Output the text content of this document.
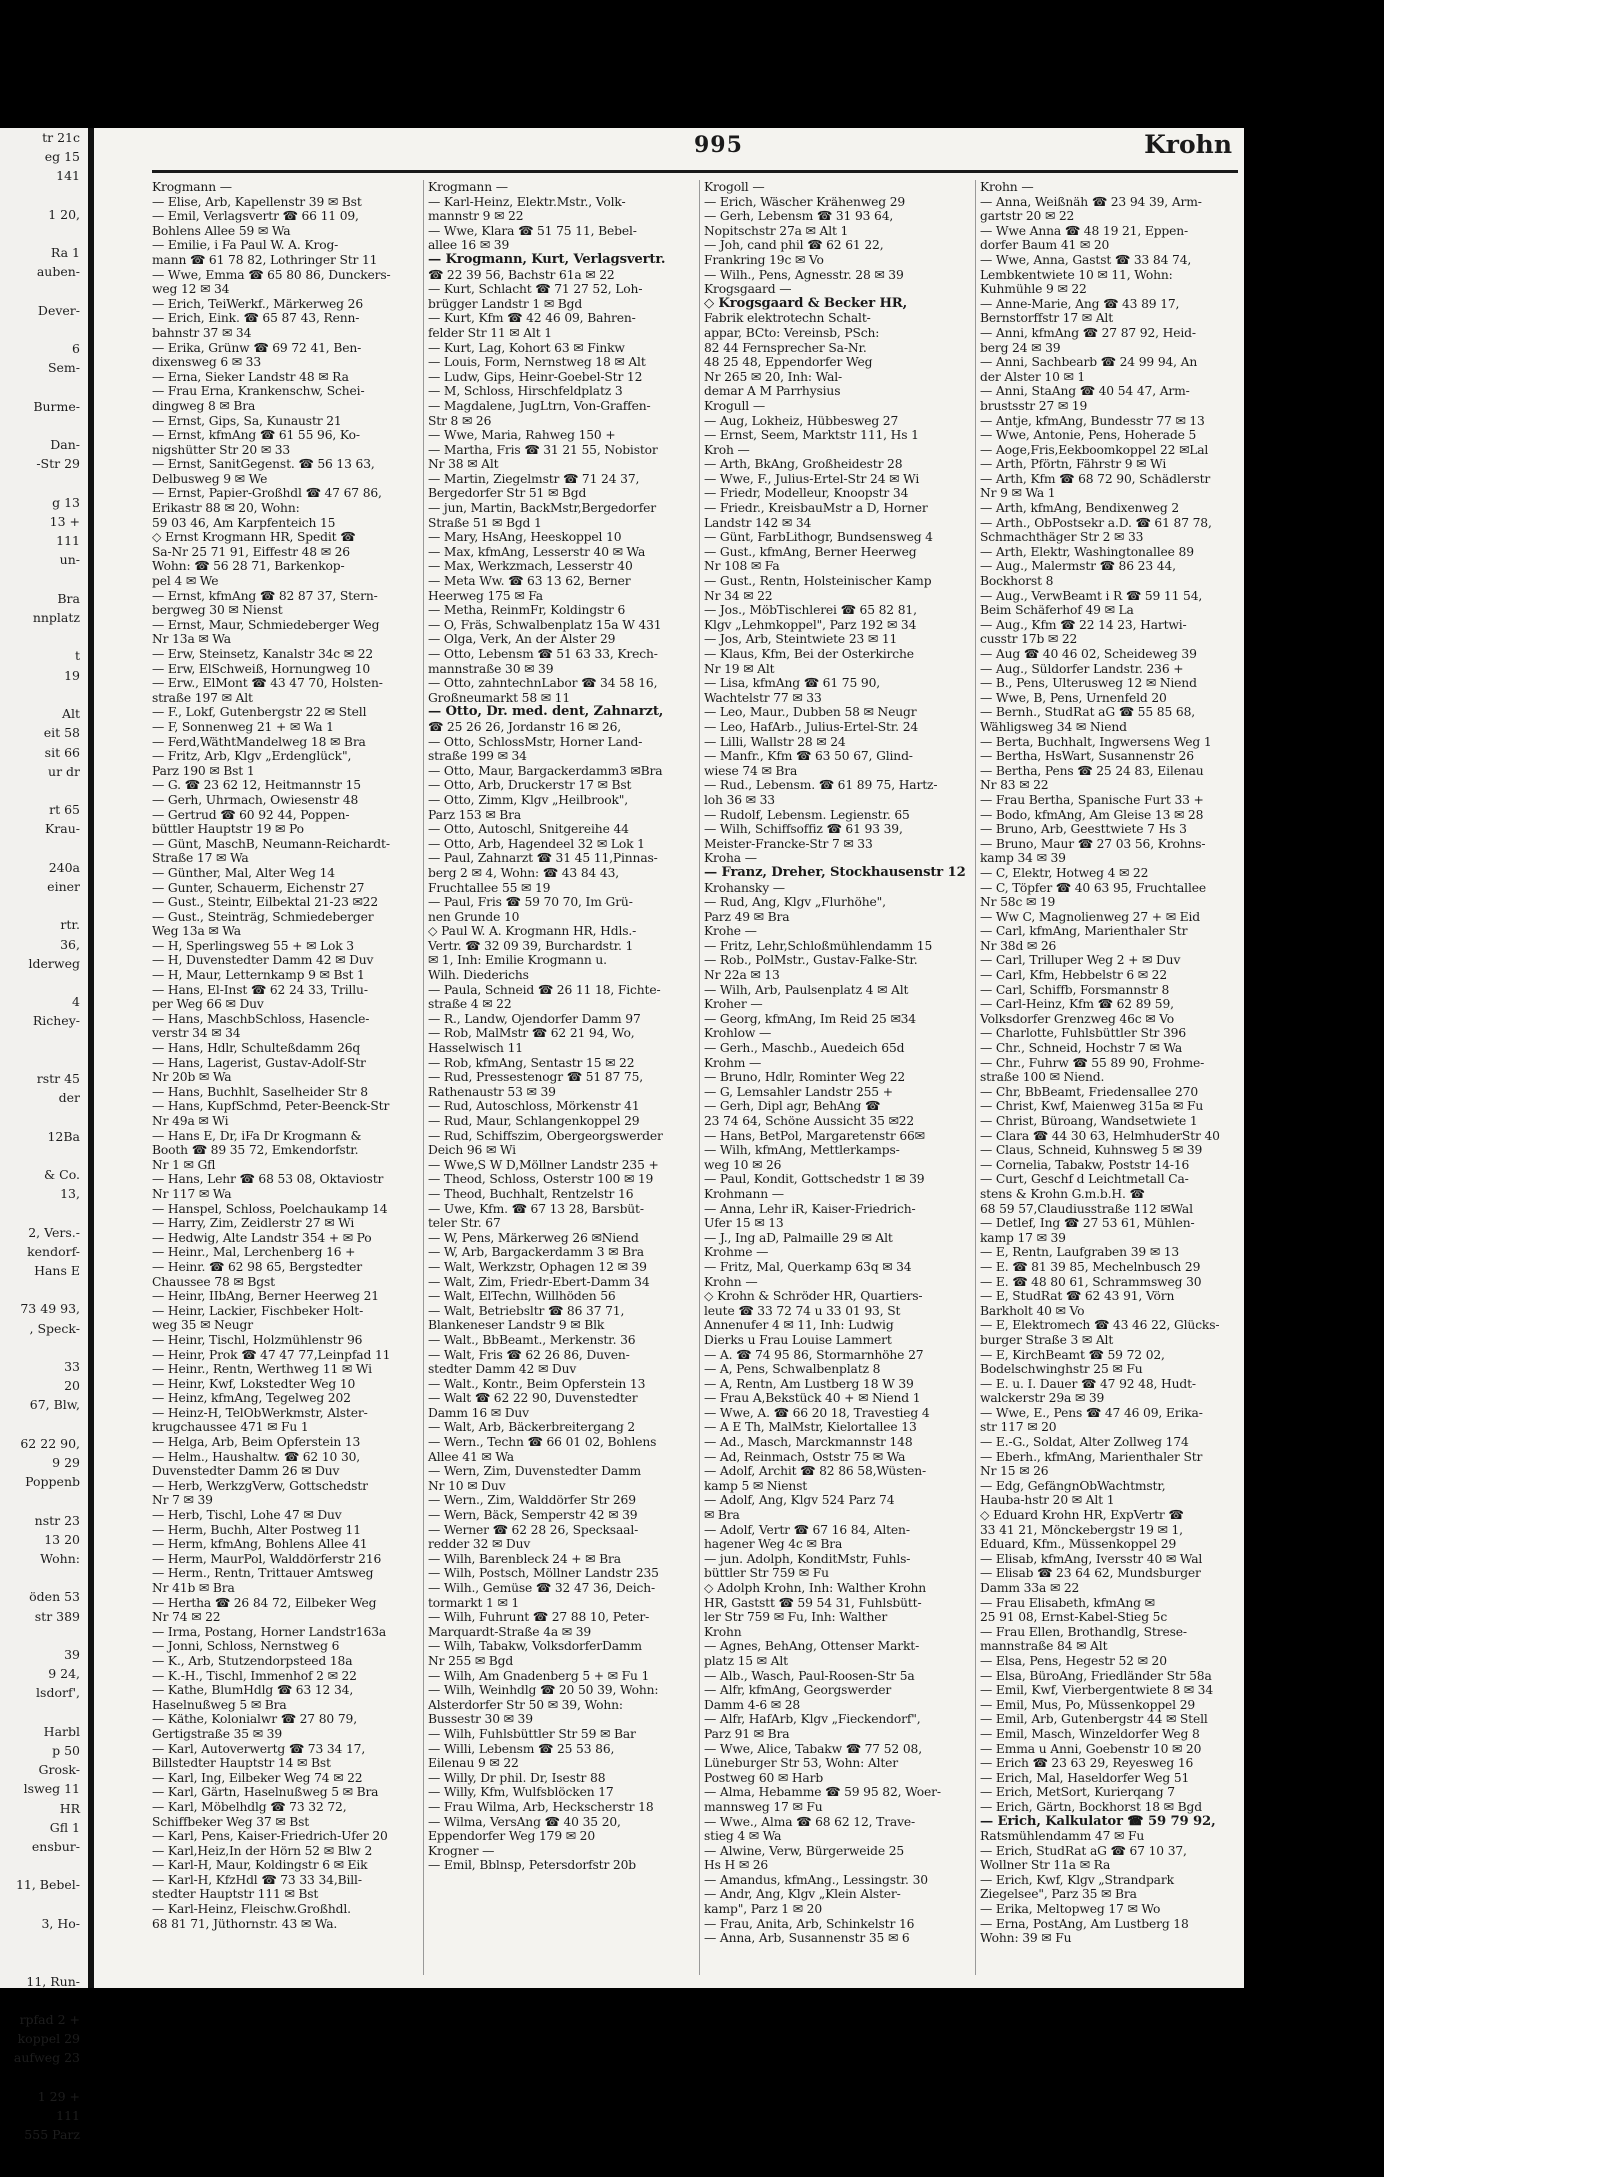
tr 21c
eg 15
141

1 20,

Ra 1
auben-

Dever-

6
Sem-

Burme-

Dan-
-Str 29

g 13
13 +
111
un-

Bra
nnplatz

t
19

Alt
eit 58
sit 66
ur dr

rt 65
Krau-

240a
einer

rtr.
36,
lderweg

4
Richey-

rstr 45
der

12Ba

& Co.
13,

2, Vers.-
kendorf-
Hans E

73 49 93,
, Speck-

33
20
67, Blw,

62 22 90,
9 29
Poppenb

nstr 23
13 20
Wohn:

öden 53
str 389

39
9 24,
lsdorf',

Harbl
p 50
Grosk-
lsweg 11
HR
Gfl 1
ensbur-

11, Bebel-

3, Ho-

11, Run-

rpfad 2 +
koppel 29
aufweg 23

1 29 +
111
555 Parz
995	Krohn
Krogmann —
— Elise, Arb, Kapellenstr 39 ✉ Bst
— Emil, Verlagsvertr ☎ 66 11 09,
Bohlens Allee 59 ✉ Wa
— Emilie, i Fa Paul W. A. Krog-
mann ☎ 61 78 82, Lothringer Str 11
— Wwe, Emma ☎ 65 80 86, Dunckers-
weg 12 ✉ 34
— Erich, TeiWerkf., Märkerweg 26
— Erich, Eink. ☎ 65 87 43, Renn-
bahnstr 37 ✉ 34
— Erika, Grünw ☎ 69 72 41, Ben-
dixensweg 6 ✉ 33
— Erna, Sieker Landstr 48 ✉ Ra
— Frau Erna, Krankenschw, Schei-
dingweg 8 ✉ Bra
— Ernst, Gips, Sa, Kunaustr 21
— Ernst, kfmAng ☎ 61 55 96, Ko-
nigshütter Str 20 ✉ 33
— Ernst, SanitGegenst. ☎ 56 13 63,
Delbusweg 9 ✉ We
— Ernst, Papier-Großhdl ☎ 47 67 86,
Erikastr 88 ✉ 20, Wohn:
59 03 46, Am Karpfenteich 15
◇ Ernst Krogmann HR, Spedit ☎
Sa-Nr 25 71 91, Eiffestr 48 ✉ 26
Wohn: ☎ 56 28 71, Barkenkop-
pel 4 ✉ We
— Ernst, kfmAng ☎ 82 87 37, Stern-
bergweg 30 ✉ Nienst
— Ernst, Maur, Schmiedeberger Weg
Nr 13a ✉ Wa
— Erw, Steinsetz, Kanalstr 34c ✉ 22
— Erw, ElSchweiß, Hornungweg 10
— Erw., ElMont ☎ 43 47 70, Holsten-
straße 197 ✉ Alt
— F., Lokf, Gutenbergstr 22 ✉ Stell
— F, Sonnenweg 21 + ✉ Wa 1
— Ferd,WäthtMandelweg 18 ✉ Bra
— Fritz, Arb, Klgv „Erdenglück",
Parz 190 ✉ Bst 1
— G. ☎ 23 62 12, Heitmannstr 15
— Gerh, Uhrmach, Owiesenstr 48
— Gertrud ☎ 60 92 44, Poppen-
büttler Hauptstr 19 ✉ Po
— Günt, MaschB, Neumann-Reichardt-
Straße 17 ✉ Wa
— Günther, Mal, Alter Weg 14
— Gunter, Schauerm, Eichenstr 27
— Gust., Steintr, Eilbektal 21-23 ✉22
— Gust., Steinträg, Schmiedeberger
Weg 13a ✉ Wa
— H, Sperlingsweg 55 + ✉ Lok 3
— H, Duvenstedter Damm 42 ✉ Duv
— H, Maur, Letternkamp 9 ✉ Bst 1
— Hans, El-Inst ☎ 62 24 33, Trillu-
per Weg 66 ✉ Duv
— Hans, MaschbSchloss, Hasencle-
verstr 34 ✉ 34
— Hans, Hdlr, Schulteßdamm 26q
— Hans, Lagerist, Gustav-Adolf-Str
Nr 20b ✉ Wa
— Hans, Buchhlt, Saselheider Str 8
— Hans, KupfSchmd, Peter-Beenck-Str
Nr 49a ✉ Wi
— Hans E, Dr, iFa Dr Krogmann &
Booth ☎ 89 35 72, Emkendorfstr.
Nr 1 ✉ Gfl
— Hans, Lehr ☎ 68 53 08, Oktaviostr
Nr 117 ✉ Wa
— Hanspel, Schloss, Poelchaukamp 14
— Harry, Zim, Zeidlerstr 27 ✉ Wi
— Hedwig, Alte Landstr 354 + ✉ Po
— Heinr., Mal, Lerchenberg 16 +
— Heinr. ☎ 62 98 65, Bergstedter
Chaussee 78 ✉ Bgst
— Heinr, IIbAng, Berner Heerweg 21
— Heinr, Lackier, Fischbeker Holt-
weg 35 ✉ Neugr
— Heinr, Tischl, Holzmühlenstr 96
— Heinr, Prok ☎ 47 47 77,Leinpfad 11
— Heinr., Rentn, Werthweg 11 ✉ Wi
— Heinr, Kwf, Lokstedter Weg 10
— Heinz, kfmAng, Tegelweg 202
— Heinz-H, TelObWerkmstr, Alster-
krugchaussee 471 ✉ Fu 1
— Helga, Arb, Beim Opferstein 13
— Helm., Haushaltw. ☎ 62 10 30,
Duvenstedter Damm 26 ✉ Duv
— Herb, WerkzgVerw, Gottschedstr
Nr 7 ✉ 39
— Herb, Tischl, Lohe 47 ✉ Duv
— Herm, Buchh, Alter Postweg 11
— Herm, kfmAng, Bohlens Allee 41
— Herm, MaurPol, Walddörferstr 216
— Herm., Rentn, Trittauer Amtsweg
Nr 41b ✉ Bra
— Hertha ☎ 26 84 72, Eilbeker Weg
Nr 74 ✉ 22
— Irma, Postang, Horner Landstr163a
— Jonni, Schloss, Nernstweg 6
— K., Arb, Stutzendorpsteed 18a
— K.-H., Tischl, Immenhof 2 ✉ 22
— Kathe, BlumHdlg ☎ 63 12 34,
Haselnußweg 5 ✉ Bra
— Käthe, Kolonialwr ☎ 27 80 79,
Gertigstraße 35 ✉ 39
— Karl, Autoverwertg ☎ 73 34 17,
Billstedter Hauptstr 14 ✉ Bst
— Karl, Ing, Eilbeker Weg 74 ✉ 22
— Karl, Gärtn, Haselnußweg 5 ✉ Bra
— Karl, Möbelhdlg ☎ 73 32 72,
Schiffbeker Weg 37 ✉ Bst
— Karl, Pens, Kaiser-Friedrich-Ufer 20
— Karl,Heiz,In der Hörn 52 ✉ Blw 2
— Karl-H, Maur, Koldingstr 6 ✉ Eik
— Karl-H, KfzHdl ☎ 73 33 34,Bill-
stedter Hauptstr 111 ✉ Bst
— Karl-Heinz, Fleischw.Großhdl.
68 81 71, Jüthornstr. 43 ✉ Wa.
Krogmann —
— Karl-Heinz, Elektr.Mstr., Volk-
mannstr 9 ✉ 22
— Wwe, Klara ☎ 51 75 11, Bebel-
allee 16 ✉ 39
— Krogmann, Kurt, Verlagsvertr.
☎ 22 39 56, Bachstr 61a ✉ 22
— Kurt, Schlacht ☎ 71 27 52, Loh-
brügger Landstr 1 ✉ Bgd
— Kurt, Kfm ☎ 42 46 09, Bahren-
felder Str 11 ✉ Alt 1
— Kurt, Lag, Kohort 63 ✉ Finkw
— Louis, Form, Nernstweg 18 ✉ Alt
— Ludw, Gips, Heinr-Goebel-Str 12
— M, Schloss, Hirschfeldplatz 3
— Magdalene, JugLtrn, Von-Graffen-
Str 8 ✉ 26
— Wwe, Maria, Rahweg 150 +
— Martha, Fris ☎ 31 21 55, Nobistor
Nr 38 ✉ Alt
— Martin, Ziegelmstr ☎ 71 24 37,
Bergedorfer Str 51 ✉ Bgd
— jun, Martin, BackMstr,Bergedorfer
Straße 51 ✉ Bgd 1
— Mary, HsAng, Heeskoppel 10
— Max, kfmAng, Lesserstr 40 ✉ Wa
— Max, Werkzmach, Lesserstr 40
— Meta Ww. ☎ 63 13 62, Berner
Heerweg 175 ✉ Fa
— Metha, ReinmFr, Koldingstr 6
— O, Fräs, Schwalbenplatz 15a W 431
— Olga, Verk, An der Alster 29
— Otto, Lebensm ☎ 51 63 33, Krech-
mannstraße 30 ✉ 39
— Otto, zahntechnLabor ☎ 34 58 16,
Großneumarkt 58 ✉ 11
— Otto, Dr. med. dent, Zahnarzt,
☎ 25 26 26, Jordanstr 16 ✉ 26,
— Otto, SchlossMstr, Horner Land-
straße 199 ✉ 34
— Otto, Maur, Bargackerdamm3 ✉Bra
— Otto, Arb, Druckerstr 17 ✉ Bst
— Otto, Zimm, Klgv „Heilbrook",
Parz 153 ✉ Bra
— Otto, Autoschl, Snitgereihe 44
— Otto, Arb, Hagendeel 32 ✉ Lok 1
— Paul, Zahnarzt ☎ 31 45 11,Pinnas-
berg 2 ✉ 4, Wohn: ☎ 43 84 43,
Fruchtallee 55 ✉ 19
— Paul, Fris ☎ 59 70 70, Im Grü-
nen Grunde 10
◇ Paul W. A. Krogmann HR, Hdls.-
Vertr. ☎ 32 09 39, Burchardstr. 1
✉ 1, Inh: Emilie Krogmann u.
Wilh. Diederichs
— Paula, Schneid ☎ 26 11 18, Fichte-
straße 4 ✉ 22
— R., Landw, Ojendorfer Damm 97
— Rob, MalMstr ☎ 62 21 94, Wo,
Hasselwisch 11
— Rob, kfmAng, Sentastr 15 ✉ 22
— Rud, Pressestenogr ☎ 51 87 75,
Rathenaustr 53 ✉ 39
— Rud, Autoschloss, Mörkenstr 41
— Rud, Maur, Schlangenkoppel 29
— Rud, Schiffszim, Obergeorgswerder
Deich 96 ✉ Wi
— Wwe,S W D,Möllner Landstr 235 +
— Theod, Schloss, Osterstr 100 ✉ 19
— Theod, Buchhalt, Rentzelstr 16
— Uwe, Kfm. ☎ 67 13 28, Barsbüt-
teler Str. 67
— W, Pens, Märkerweg 26 ✉Niend
— W, Arb, Bargackerdamm 3 ✉ Bra
— Walt, Werkzstr, Ophagen 12 ✉ 39
— Walt, Zim, Friedr-Ebert-Damm 34
— Walt, ElTechn, Willhöden 56
— Walt, Betriebsltr ☎ 86 37 71,
Blankeneser Landstr 9 ✉ Blk
— Walt., BbBeamt., Merkenstr. 36
— Walt, Fris ☎ 62 26 86, Duven-
stedter Damm 42 ✉ Duv
— Walt., Kontr., Beim Opferstein 13
— Walt ☎ 62 22 90, Duvenstedter
Damm 16 ✉ Duv
— Walt, Arb, Bäckerbreitergang 2
— Wern., Techn ☎ 66 01 02, Bohlens
Allee 41 ✉ Wa
— Wern, Zim, Duvenstedter Damm
Nr 10 ✉ Duv
— Wern., Zim, Walddörfer Str 269
— Wern, Bäck, Semperstr 42 ✉ 39
— Werner ☎ 62 28 26, Specksaal-
redder 32 ✉ Duv
— Wilh, Barenbleck 24 + ✉ Bra
— Wilh, Postsch, Möllner Landstr 235
— Wilh., Gemüse ☎ 32 47 36, Deich-
tormarkt 1 ✉ 1
— Wilh, Fuhrunt ☎ 27 88 10, Peter-
Marquardt-Straße 4a ✉ 39
— Wilh, Tabakw, VolksdorferDamm
Nr 255 ✉ Bgd
— Wilh, Am Gnadenberg 5 + ✉ Fu 1
— Wilh, Weinhdlg ☎ 20 50 39, Wohn:
Alsterdorfer Str 50 ✉ 39, Wohn:
Bussestr 30 ✉ 39
— Wilh, Fuhlsbüttler Str 59 ✉ Bar
— Willi, Lebensm ☎ 25 53 86,
Eilenau 9 ✉ 22
— Willy, Dr phil. Dr, Isestr 88
— Willy, Kfm, Wulfsblöcken 17
— Frau Wilma, Arb, Heckscherstr 18
— Wilma, VersAng ☎ 40 35 20,
Eppendorfer Weg 179 ✉ 20
Krogner —
— Emil, Bblnsp, Petersdorfstr 20b
Krogoll —
— Erich, Wäscher Krähenweg 29
— Gerh, Lebensm ☎ 31 93 64,
Nopitschstr 27a ✉ Alt 1
— Joh, cand phil ☎ 62 61 22,
Frankring 19c ✉ Vo
— Wilh., Pens, Agnesstr. 28 ✉ 39
Krogsgaard —
◇ Krogsgaard & Becker HR,
Fabrik elektrotechn Schalt-
appar, BCto: Vereinsb, PSch:
82 44 Fernsprecher Sa-Nr.
48 25 48, Eppendorfer Weg
Nr 265 ✉ 20, Inh: Wal-
demar A M Parrhysius
Krogull —
— Aug, Lokheiz, Hübbesweg 27
— Ernst, Seem, Marktstr 111, Hs 1
Kroh —
— Arth, BkAng, Großheidestr 28
— Wwe, F., Julius-Ertel-Str 24 ✉ Wi
— Friedr, Modelleur, Knoopstr 34
— Friedr., KreisbauMstr a D, Horner
Landstr 142 ✉ 34
— Günt, FarbLithogr, Bundsensweg 4
— Gust., kfmAng, Berner Heerweg
Nr 108 ✉ Fa
— Gust., Rentn, Holsteinischer Kamp
Nr 34 ✉ 22
— Jos., MöbTischlerei ☎ 65 82 81,
Klgv „Lehmkoppel", Parz 192 ✉ 34
— Jos, Arb, Steintwiete 23 ✉ 11
— Klaus, Kfm, Bei der Osterkirche
Nr 19 ✉ Alt
— Lisa, kfmAng ☎ 61 75 90,
Wachtelstr 77 ✉ 33
— Leo, Maur., Dubben 58 ✉ Neugr
— Leo, HafArb., Julius-Ertel-Str. 24
— Lilli, Wallstr 28 ✉ 24
— Manfr., Kfm ☎ 63 50 67, Glind-
wiese 74 ✉ Bra
— Rud., Lebensm. ☎ 61 89 75, Hartz-
loh 36 ✉ 33
— Rudolf, Lebensm. Legienstr. 65
— Wilh, Schiffsoffiz ☎ 61 93 39,
Meister-Francke-Str 7 ✉ 33
Kroha —
— Franz, Dreher, Stockhausenstr 12
Krohansky —
— Rud, Ang, Klgv „Flurhöhe",
Parz 49 ✉ Bra
Krohe —
— Fritz, Lehr,Schloßmühlendamm 15
— Rob., PolMstr., Gustav-Falke-Str.
Nr 22a ✉ 13
— Wilh, Arb, Paulsenplatz 4 ✉ Alt
Kroher —
— Georg, kfmAng, Im Reid 25 ✉34
Krohlow —
— Gerh., Maschb., Auedeich 65d
Krohm —
— Bruno, Hdlr, Rominter Weg 22
— G, Lemsahler Landstr 255 +
— Gerh, Dipl agr, BehAng ☎
23 74 64, Schöne Aussicht 35 ✉22
— Hans, BetPol, Margaretenstr 66✉
— Wilh, kfmAng, Mettlerkamps-
weg 10 ✉ 26
— Paul, Kondit, Gottschedstr 1 ✉ 39
Krohmann —
— Anna, Lehr iR, Kaiser-Friedrich-
Ufer 15 ✉ 13
— J., Ing aD, Palmaille 29 ✉ Alt
Krohme —
— Fritz, Mal, Querkamp 63q ✉ 34
Krohn —
◇ Krohn & Schröder HR, Quartiers-
leute ☎ 33 72 74 u 33 01 93, St
Annenufer 4 ✉ 11, Inh: Ludwig
Dierks u Frau Louise Lammert
— A. ☎ 74 95 86, Stormarnhöhe 27
— A, Pens, Schwalbenplatz 8
— A, Rentn, Am Lustberg 18 W 39
— Frau A,Bekstück 40 + ✉ Niend 1
— Wwe, A. ☎ 66 20 18, Travestieg 4
— A E Th, MalMstr, Kielortallee 13
— Ad., Masch, Marckmannstr 148
— Ad, Reinmach, Oststr 75 ✉ Wa
— Adolf, Archit ☎ 82 86 58,Wüsten-
kamp 5 ✉ Nienst
— Adolf, Ang, Klgv 524 Parz 74
✉ Bra
— Adolf, Vertr ☎ 67 16 84, Alten-
hagener Weg 4c ✉ Bra
— jun. Adolph, KonditMstr, Fuhls-
büttler Str 759 ✉ Fu
◇ Adolph Krohn, Inh: Walther Krohn
HR, Gaststt ☎ 59 54 31, Fuhlsbütt-
ler Str 759 ✉ Fu, Inh: Walther
Krohn
— Agnes, BehAng, Ottenser Markt-
platz 15 ✉ Alt
— Alb., Wasch, Paul-Roosen-Str 5a
— Alfr, kfmAng, Georgswerder
Damm 4-6 ✉ 28
— Alfr, HafArb, Klgv „Fieckendorf",
Parz 91 ✉ Bra
— Wwe, Alice, Tabakw ☎ 77 52 08,
Lüneburger Str 53, Wohn: Alter
Postweg 60 ✉ Harb
— Alma, Hebamme ☎ 59 95 82, Woer-
mannsweg 17 ✉ Fu
— Wwe., Alma ☎ 68 62 12, Trave-
stieg 4 ✉ Wa
— Alwine, Verw, Bürgerweide 25
Hs H ✉ 26
— Amandus, kfmAng., Lessingstr. 30
— Andr, Ang, Klgv „Klein Alster-
kamp", Parz 1 ✉ 20
— Frau, Anita, Arb, Schinkelstr 16
— Anna, Arb, Susannenstr 35 ✉ 6
Krohn —
— Anna, Weißnäh ☎ 23 94 39, Arm-
gartstr 20 ✉ 22
— Wwe Anna ☎ 48 19 21, Eppen-
dorfer Baum 41 ✉ 20
— Wwe, Anna, Gastst ☎ 33 84 74,
Lembkentwiete 10 ✉ 11, Wohn:
Kuhmühle 9 ✉ 22
— Anne-Marie, Ang ☎ 43 89 17,
Bernstorffstr 17 ✉ Alt
— Anni, kfmAng ☎ 27 87 92, Heid-
berg 24 ✉ 39
— Anni, Sachbearb ☎ 24 99 94, An
der Alster 10 ✉ 1
— Anni, StaAng ☎ 40 54 47, Arm-
brustsstr 27 ✉ 19
— Antje, kfmAng, Bundesstr 77 ✉ 13
— Wwe, Antonie, Pens, Hoherade 5
— Aoge,Fris,Eekboomkoppel 22 ✉Lal
— Arth, Pförtn, Fährstr 9 ✉ Wi
— Arth, Kfm ☎ 68 72 90, Schädlerstr
Nr 9 ✉ Wa 1
— Arth, kfmAng, Bendixenweg 2
— Arth., ObPostsekr a.D. ☎ 61 87 78,
Schmachthäger Str 2 ✉ 33
— Arth, Elektr, Washingtonallee 89
— Aug., Malermstr ☎ 86 23 44,
Bockhorst 8
— Aug., VerwBeamt i R ☎ 59 11 54,
Beim Schäferhof 49 ✉ La
— Aug., Kfm ☎ 22 14 23, Hartwi-
cusstr 17b ✉ 22
— Aug ☎ 40 46 02, Scheideweg 39
— Aug., Süldorfer Landstr. 236 +
— B., Pens, Ulterusweg 12 ✉ Niend
— Wwe, B, Pens, Urnenfeld 20
— Bernh., StudRat aG ☎ 55 85 68,
Wähligsweg 34 ✉ Niend
— Berta, Buchhalt, Ingwersens Weg 1
— Bertha, HsWart, Susannenstr 26
— Bertha, Pens ☎ 25 24 83, Eilenau
Nr 83 ✉ 22
— Frau Bertha, Spanische Furt 33 +
— Bodo, kfmAng, Am Gleise 13 ✉ 28
— Bruno, Arb, Geesttwiete 7 Hs 3
— Bruno, Maur ☎ 27 03 56, Krohns-
kamp 34 ✉ 39
— C, Elektr, Hotweg 4 ✉ 22
— C, Töpfer ☎ 40 63 95, Fruchtallee
Nr 58c ✉ 19
— Ww C, Magnolienweg 27 + ✉ Eid
— Carl, kfmAng, Marienthaler Str
Nr 38d ✉ 26
— Carl, Trilluper Weg 2 + ✉ Duv
— Carl, Kfm, Hebbelstr 6 ✉ 22
— Carl, Schiffb, Forsmannstr 8
— Carl-Heinz, Kfm ☎ 62 89 59,
Volksdorfer Grenzweg 46c ✉ Vo
— Charlotte, Fuhlsbüttler Str 396
— Chr., Schneid, Hochstr 7 ✉ Wa
— Chr., Fuhrw ☎ 55 89 90, Frohme-
straße 100 ✉ Niend.
— Chr, BbBeamt, Friedensallee 270
— Christ, Kwf, Maienweg 315a ✉ Fu
— Christ, Büroang, Wandsetwiete 1
— Clara ☎ 44 30 63, HelmhuderStr 40
— Claus, Schneid, Kuhnsweg 5 ✉ 39
— Cornelia, Tabakw, Poststr 14-16
— Curt, Geschf d Leichtmetall Ca-
stens & Krohn G.m.b.H. ☎
68 59 57,Claudiusstraße 112 ✉Wal
— Detlef, Ing ☎ 27 53 61, Mühlen-
kamp 17 ✉ 39
— E, Rentn, Laufgraben 39 ✉ 13
— E. ☎ 81 39 85, Mechelnbusch 29
— E. ☎ 48 80 61, Schrammsweg 30
— E, StudRat ☎ 62 43 91, Vörn
Barkholt 40 ✉ Vo
— E, Elektromech ☎ 43 46 22, Glücks-
burger Straße 3 ✉ Alt
— E, KirchBeamt ☎ 59 72 02,
Bodelschwinghstr 25 ✉ Fu
— E. u. I. Dauer ☎ 47 92 48, Hudt-
walckerstr 29a ✉ 39
— Wwe, E., Pens ☎ 47 46 09, Erika-
str 117 ✉ 20
— E.-G., Soldat, Alter Zollweg 174
— Eberh., kfmAng, Marienthaler Str
Nr 15 ✉ 26
— Edg, GefängnObWachtmstr,
Hauba-hstr 20 ✉ Alt 1
◇ Eduard Krohn HR, ExpVertr ☎
33 41 21, Mönckebergstr 19 ✉ 1,
Eduard, Kfm., Müssenkoppel 29
— Elisab, kfmAng, Iversstr 40 ✉ Wal
— Elisab ☎ 23 64 62, Mundsburger
Damm 33a ✉ 22
— Frau Elisabeth, kfmAng ✉
25 91 08, Ernst-Kabel-Stieg 5c
— Frau Ellen, Brothandlg, Strese-
mannstraße 84 ✉ Alt
— Elsa, Pens, Hegestr 52 ✉ 20
— Elsa, BüroAng, Friedländer Str 58a
— Emil, Kwf, Vierbergentwiete 8 ✉ 34
— Emil, Mus, Po, Müssenkoppel 29
— Emil, Arb, Gutenbergstr 44 ✉ Stell
— Emil, Masch, Winzeldorfer Weg 8
— Emma u Anni, Goebenstr 10 ✉ 20
— Erich ☎ 23 63 29, Reyesweg 16
— Erich, Mal, Haseldorfer Weg 51
— Erich, MetSort, Kurierqang 7
— Erich, Gärtn, Bockhorst 18 ✉ Bgd
— Erich, Kalkulator ☎ 59 79 92,
Ratsmühlendamm 47 ✉ Fu
— Erich, StudRat aG ☎ 67 10 37,
Wollner Str 11a ✉ Ra
— Erich, Kwf, Klgv „Strandpark
Ziegelsee", Parz 35 ✉ Bra
— Erika, Meltopweg 17 ✉ Wo
— Erna, PostAng, Am Lustberg 18
Wohn: 39 ✉ Fu
